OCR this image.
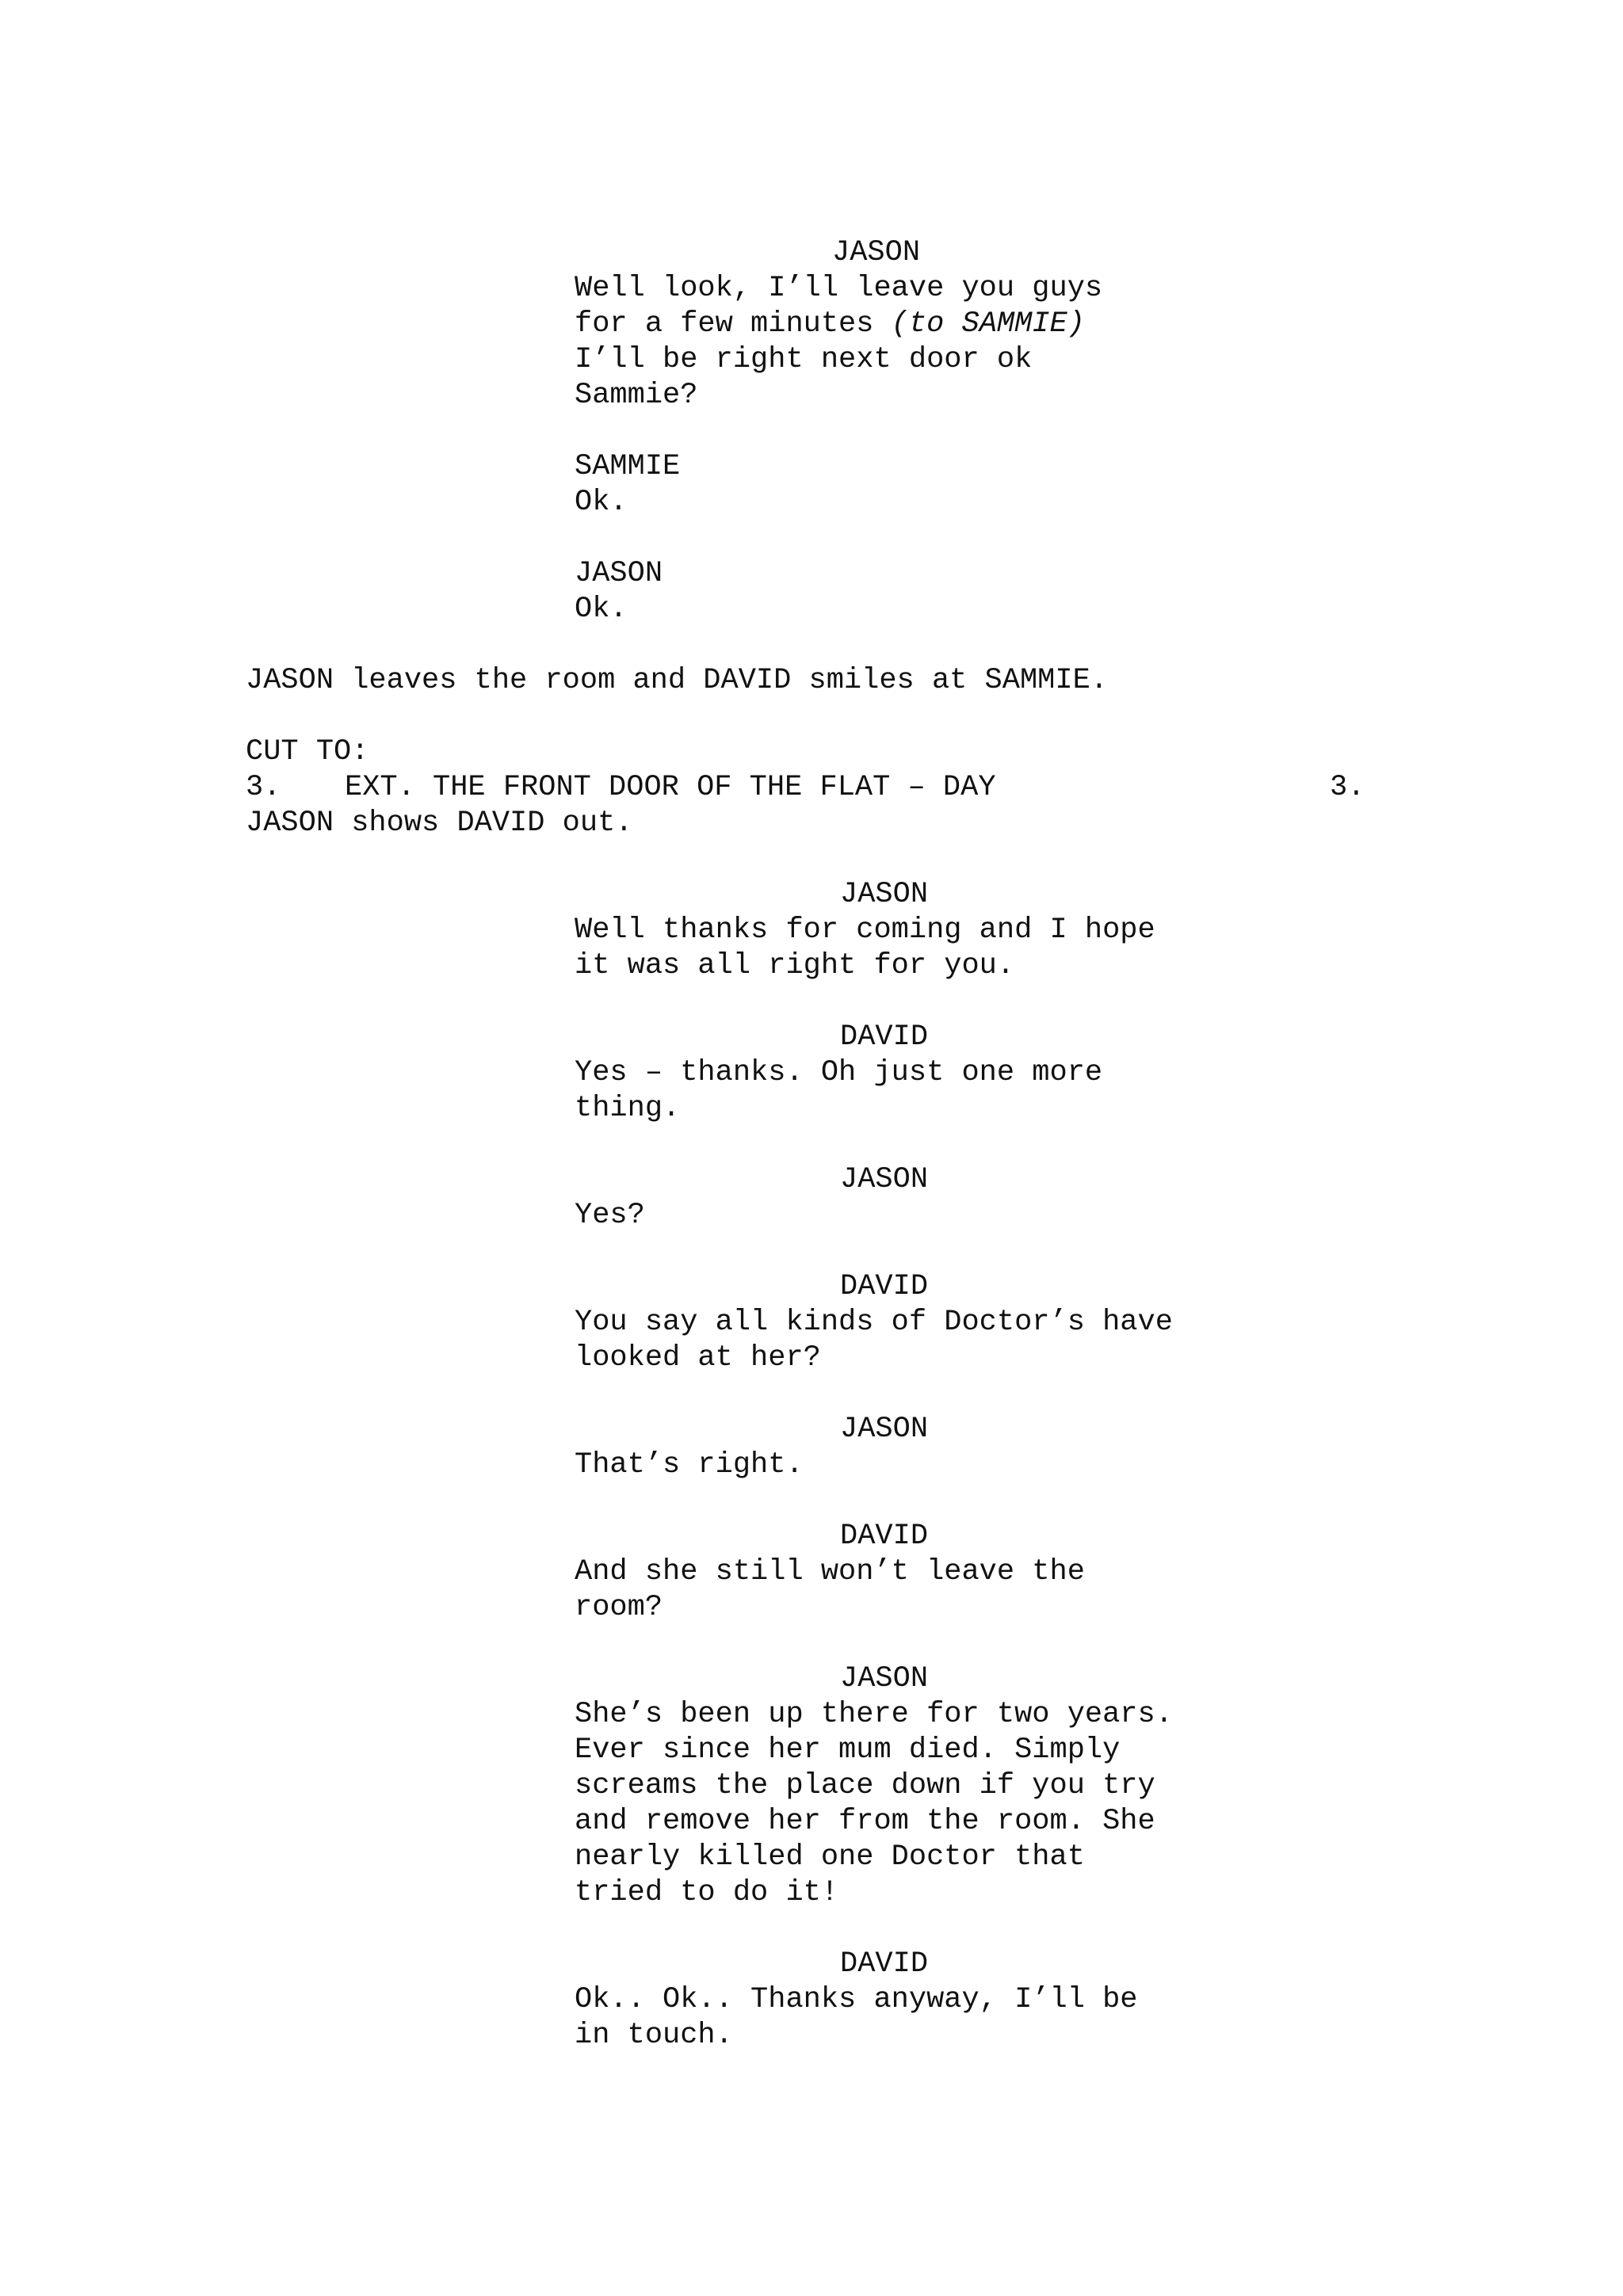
JASON
Well look, I’ll leave you guys
for a few minutes (to SAMMIE)
I’ll be right next door ok
Sammie?
SAMMIE
Ok.
JASON
Ok.
JASON leaves the room and DAVID smiles at SAMMIE.
CUT TO:
3. EXT. THE FRONT DOOR OF THE FLAT – DAY	3.
JASON shows DAVID out.
JASON
Well thanks for coming and I hope
it was all right for you.
DAVID
Yes – thanks. Oh just one more
thing.
JASON
Yes?
DAVID
You say all kinds of Doctor’s have
looked at her?
JASON
That’s right.
DAVID
And she still won’t leave the
room?
JASON
She’s been up there for two years.
Ever since her mum died. Simply
screams the place down if you try
and remove her from the room. She
nearly killed one Doctor that
tried to do it!
DAVID
Ok.. Ok.. Thanks anyway, I’ll be
in touch.
